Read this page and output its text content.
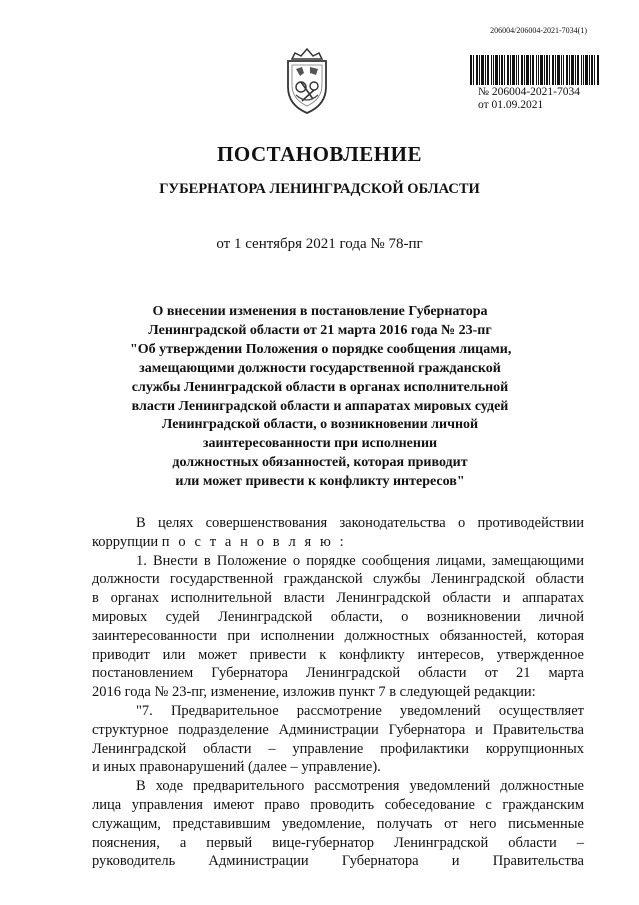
206004/206004-2021-7034(1)
№ 206004-2021-7034
от 01.09.2021
ПОСТАНОВЛЕНИЕ
ГУБЕРНАТОРА ЛЕНИНГРАДСКОЙ ОБЛАСТИ
от 1 сентября 2021 года № 78-пг
О внесении изменения в постановление Губернатора
Ленинградской области от 21 марта 2016 года № 23-пг
"Об утверждении Положения о порядке сообщения лицами,
замещающими должности государственной гражданской
службы Ленинградской области в органах исполнительной
власти Ленинградской области и аппаратах мировых судей
Ленинградской области, о возникновении личной
заинтересованности при исполнении
должностных обязанностей, которая приводит
или может привести к конфликту интересов"
В целях совершенствования законодательства о противодействии
коррупции п о с т а н о в л я ю :
1. Внести в Положение о порядке сообщения лицами, замещающими
должности государственной гражданской службы Ленинградской области
в органах исполнительной власти Ленинградской области и аппаратах
мировых судей Ленинградской области, о возникновении личной
заинтересованности при исполнении должностных обязанностей, которая
приводит или может привести к конфликту интересов, утвержденное
постановлением Губернатора Ленинградской области от 21 марта
2016 года № 23-пг, изменение, изложив пункт 7 в следующей редакции:
"7. Предварительное рассмотрение уведомлений осуществляет
структурное подразделение Администрации Губернатора и Правительства
Ленинградской области – управление профилактики коррупционных
и иных правонарушений (далее – управление).
В ходе предварительного рассмотрения уведомлений должностные
лица управления имеют право проводить собеседование с гражданским
служащим, представившим уведомление, получать от него письменные
пояснения, а первый вице-губернатор Ленинградской области –
руководитель Администрации Губернатора и Правительства
